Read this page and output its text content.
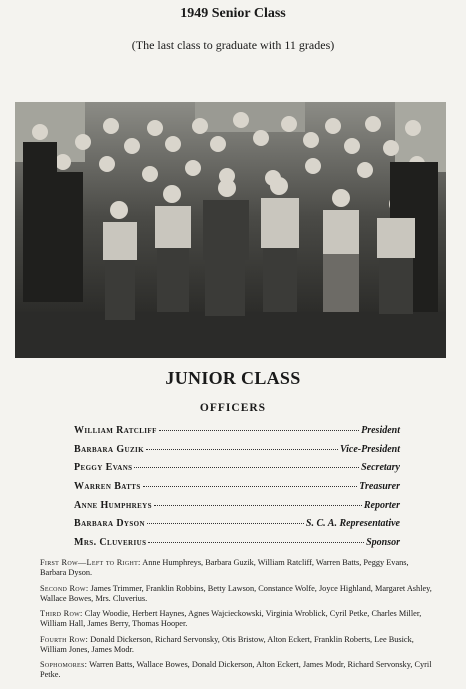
1949 Senior Class
(The last class to graduate with 11 grades)
JUNIOR CLASS
OFFICERS
William Ratcliff	President
Barbara Guzik	Vice-President
Peggy Evans	Secretary
Warren Batts	Treasurer
Anne Humphreys	Reporter
Barbara Dyson	S. C. A. Representative
Mrs. Cluverius	Sponsor
First Row—Left to Right: Anne Humphreys, Barbara Guzik, William Ratcliff, Warren Batts, Peggy Evans, Barbara Dyson.
Second Row: James Trimmer, Franklin Robbins, Betty Lawson, Constance Wolfe, Joyce Highland, Margaret Ashley, Wallace Bowes, Mrs. Cluverius.
Third Row: Clay Woodie, Herbert Haynes, Agnes Wajcieckowski, Virginia Wroblick, Cyril Petke, Charles Miller, William Hall, James Berry, Thomas Hooper.
Fourth Row: Donald Dickerson, Richard Servonsky, Otis Bristow, Alton Eckert, Franklin Roberts, Lee Busick, William Jones, James Modr.
Sophomores: Warren Batts, Wallace Bowes, Donald Dickerson, Alton Eckert, James Modr, Richard Servonsky, Cyril Petke.
